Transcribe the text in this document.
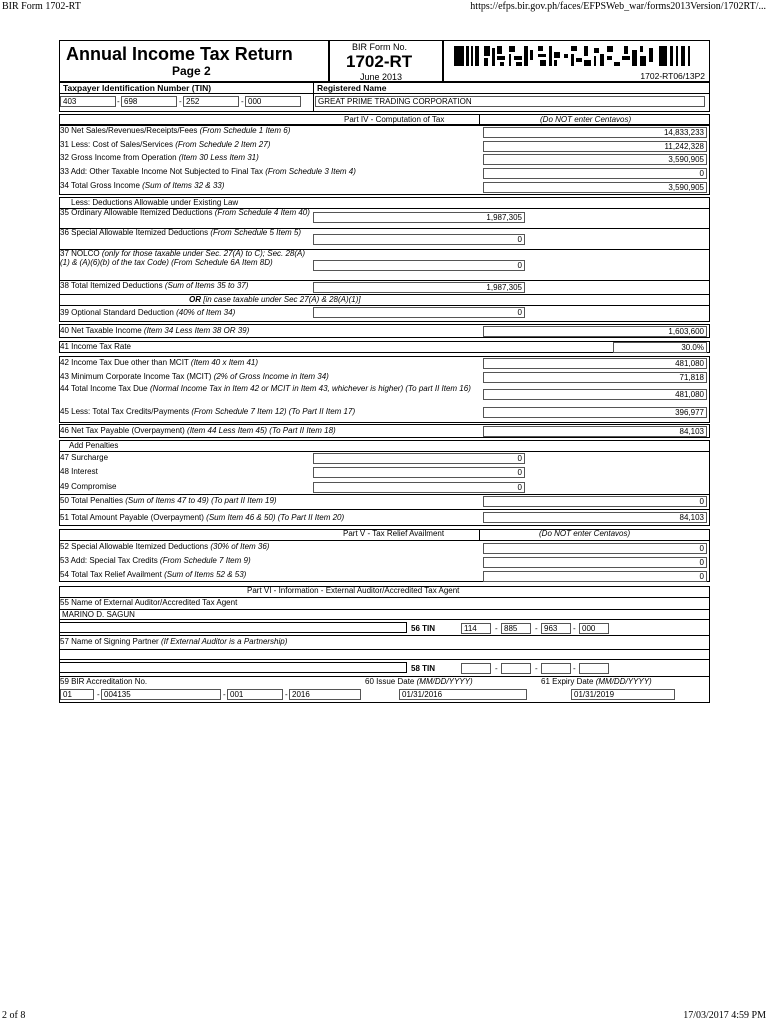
BIR Form 1702-RT	https://efps.bir.gov.ph/faces/EFPSWeb_war/forms2013Version/1702RT/...
Annual Income Tax Return
Page 2
BIR Form No.
1702-RT
June 2013	1702-RT06/13P2
Taxpayer Identification Number (TIN)	Registered Name
403	- 698	- 252	- 000	GREAT PRIME TRADING CORPORATION
Part IV - Computation of Tax	(Do NOT enter Centavos)
Less: Deductions Allowable under Existing Law
35 Ordinary Allowable Itemized Deductions (From Schedule 4 Item 40)
1,987,305
36 Special Allowable Itemized Deductions (From Schedule 5 Item 5)
0
37 NOLCO (only for those taxable under Sec. 27(A) to C); Sec. 28(A)(1) & (A)(6)(b) of the tax Code) (From Schedule 6A Item 8D)	0
38 Total Itemized Deductions (Sum of Items 35 to 37)	1,987,305
OR [in case taxable under Sec 27(A) & 28(A)(1)]
39 Optional Standard Deduction (40% of Item 34)	0
40 Net Taxable Income (Item 34 Less Item 38 OR 39)	1,603,600
41 Income Tax Rate	30.0%
42 Income Tax Due other than MCIT (Item 40 x Item 41)	481,080
43 Minimum Corporate Income Tax (MCIT) (2% of Gross Income in Item 34)	71,818
44 Total Income Tax Due (Normal Income Tax in Item 42 or MCIT in Item 43, whichever is higher) (To part II Item 16)
481,080
45 Less: Total Tax Credits/Payments (From Schedule 7 Item 12) (To Part II Item 17)	396,977
46 Net Tax Payable (Overpayment) (Item 44 Less Item 45) (To Part II Item 18)	84,103
Add Penalties
47 Surcharge	0
48 Interest	0
49 Compromise	0
50 Total Penalties (Sum of Items 47 to 49) (To part II Item 19)	0
51 Total Amount Payable (Overpayment) (Sum Item 46 & 50) (To Part II Item 20)	84,103
Part V - Tax Relief Availment	(Do NOT enter Centavos)
Part VI - Information - External Auditor/Accredited Tax Agent
55 Name of External Auditor/Accredited Tax Agent
MARINO D. SAGUN
56 TIN	114	- 885	- 963	- 000
57 Name of Signing Partner (If External Auditor is a Partnership)
58 TIN	-	-	-
59 BIR Accreditation No.	60 Issue Date (MM/DD/YYYY)	61 Expiry Date (MM/DD/YYYY)
01	- 004135	- 001	- 2016	01/31/2016	01/31/2019
30 Net Sales/Revenues/Receipts/Fees (From Schedule 1 Item 6)	14,833,233
31 Less: Cost of Sales/Services (From Schedule 2 Item 27)	11,242,328
32 Gross Income from Operation (Item 30 Less Item 31)	3,590,905
33 Add: Other Taxable Income Not Subjected to Final Tax (From Schedule 3 Item 4)	0
34 Total Gross Income (Sum of Items 32 & 33)	3,590,905
52 Special Allowable Itemized Deductions (30% of Item 36)	0
53 Add: Special Tax Credits (From Schedule 7 Item 9)	0
54 Total Tax Relief Availment (Sum of Items 52 & 53)	0
2 of 8	17/03/2017 4:59 PM
